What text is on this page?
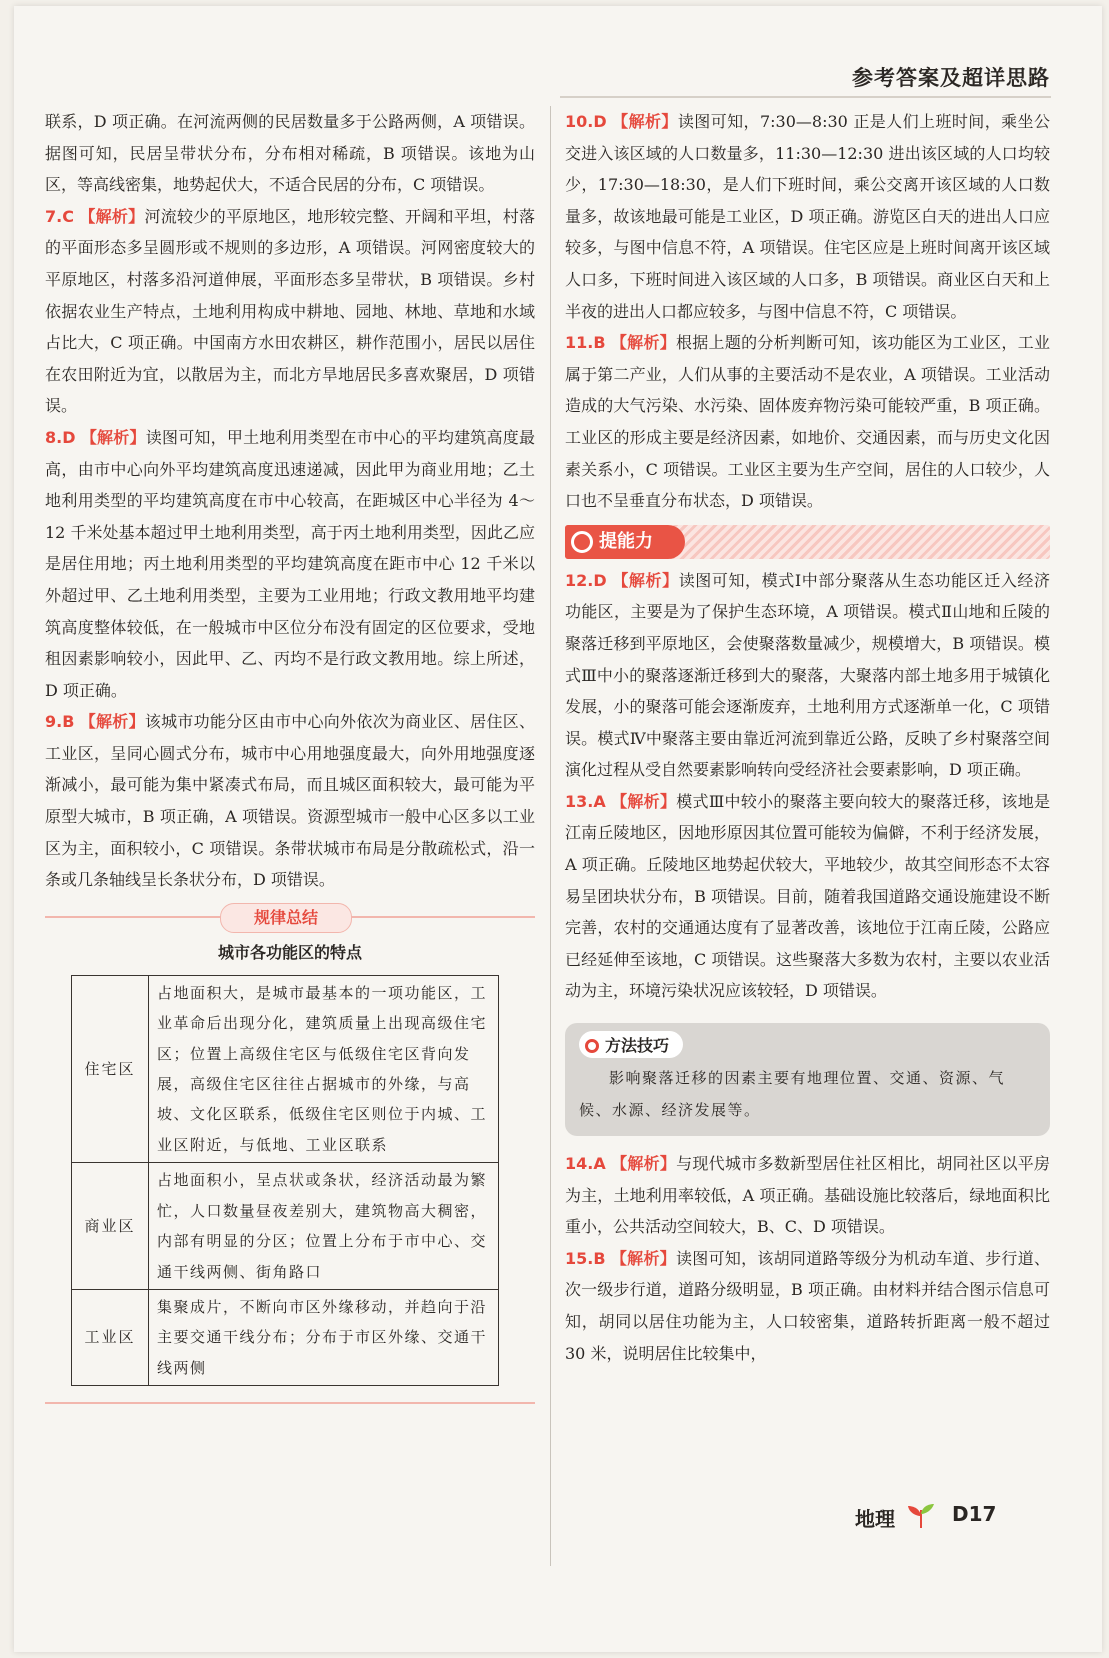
参考答案及超详思路

联系，D 项正确。在河流两侧的民居数量多于公路两侧，A 项错误。据图可知，民居呈带状分布，分布相对稀疏，B 项错误。该地为山区，等高线密集，地势起伏大，不适合民居的分布，C 项错误。

7.C 【解析】河流较少的平原地区，地形较完整、开阔和平坦，村落的平面形态多呈圆形或不规则的多边形，A 项错误。河网密度较大的平原地区，村落多沿河道伸展，平面形态多呈带状，B 项错误。乡村依据农业生产特点，土地利用构成中耕地、园地、林地、草地和水域占比大，C 项正确。中国南方水田农耕区，耕作范围小，居民以居住在农田附近为宜，以散居为主，而北方旱地居民多喜欢聚居，D 项错误。

8.D 【解析】读图可知，甲土地利用类型在市中心的平均建筑高度最高，由市中心向外平均建筑高度迅速递减，因此甲为商业用地；乙土地利用类型的平均建筑高度在市中心较高，在距城区中心半径为 4～12 千米处基本超过甲土地利用类型，高于丙土地利用类型，因此乙应是居住用地；丙土地利用类型的平均建筑高度在距市中心 12 千米以外超过甲、乙土地利用类型，主要为工业用地；行政文教用地平均建筑高度整体较低，在一般城市中区位分布没有固定的区位要求，受地租因素影响较小，因此甲、乙、丙均不是行政文教用地。综上所述，D 项正确。

9.B 【解析】该城市功能分区由市中心向外依次为商业区、居住区、工业区，呈同心圆式分布，城市中心用地强度最大，向外用地强度逐渐减小，最可能为集中紧凑式布局，而且城区面积较大，最可能为平原型大城市，B 项正确，A 项错误。资源型城市一般中心区多以工业区为主，面积较小，C 项错误。条带状城市布局是分散疏松式，沿一条或几条轴线呈长条状分布，D 项错误。

规律总结

城市各功能区的特点

住宅区	占地面积大，是城市最基本的一项功能区，工业革命后出现分化，建筑质量上出现高级住宅区；位置上高级住宅区与低级住宅区背向发展，高级住宅区往往占据城市的外缘，与高坡、文化区联系，低级住宅区则位于内城、工业区附近，与低地、工业区联系
商业区	占地面积小，呈点状或条状，经济活动最为繁忙，人口数量昼夜差别大，建筑物高大稠密，内部有明显的分区；位置上分布于市中心、交通干线两侧、街角路口
工业区	集聚成片，不断向市区外缘移动，并趋向于沿主要交通干线分布；分布于市区外缘、交通干线两侧

10.D 【解析】读图可知，7:30—8:30 正是人们上班时间，乘坐公交进入该区域的人口数量多，11:30—12:30 进出该区域的人口均较少，17:30—18:30，是人们下班时间，乘公交离开该区域的人口数量多，故该地最可能是工业区，D 项正确。游览区白天的进出人口应较多，与图中信息不符，A 项错误。住宅区应是上班时间离开该区域人口多，下班时间进入该区域的人口多，B 项错误。商业区白天和上半夜的进出人口都应较多，与图中信息不符，C 项错误。

11.B 【解析】根据上题的分析判断可知，该功能区为工业区，工业属于第二产业，人们从事的主要活动不是农业，A 项错误。工业活动造成的大气污染、水污染、固体废弃物污染可能较严重，B 项正确。工业区的形成主要是经济因素，如地价、交通因素，而与历史文化因素关系小，C 项错误。工业区主要为生产空间，居住的人口较少，人口也不呈垂直分布状态，D 项错误。

提能力

12.D 【解析】读图可知，模式Ⅰ中部分聚落从生态功能区迁入经济功能区，主要是为了保护生态环境，A 项错误。模式Ⅱ山地和丘陵的聚落迁移到平原地区，会使聚落数量减少，规模增大，B 项错误。模式Ⅲ中小的聚落逐渐迁移到大的聚落，大聚落内部土地多用于城镇化发展，小的聚落可能会逐渐废弃，土地利用方式逐渐单一化，C 项错误。模式Ⅳ中聚落主要由靠近河流到靠近公路，反映了乡村聚落空间演化过程从受自然要素影响转向受经济社会要素影响，D 项正确。

13.A 【解析】模式Ⅲ中较小的聚落主要向较大的聚落迁移，该地是江南丘陵地区，因地形原因其位置可能较为偏僻，不利于经济发展，A 项正确。丘陵地区地势起伏较大，平地较少，故其空间形态不太容易呈团块状分布，B 项错误。目前，随着我国道路交通设施建设不断完善，农村的交通通达度有了显著改善，该地位于江南丘陵，公路应已经延伸至该地，C 项错误。这些聚落大多数为农村，主要以农业活动为主，环境污染状况应该较轻，D 项错误。

方法技巧
影响聚落迁移的因素主要有地理位置、交通、资源、气候、水源、经济发展等。

14.A 【解析】与现代城市多数新型居住社区相比，胡同社区以平房为主，土地利用率较低，A 项正确。基础设施比较落后，绿地面积比重小，公共活动空间较大，B、C、D 项错误。

15.B 【解析】读图可知，该胡同道路等级分为机动车道、步行道、次一级步行道，道路分级明显，B 项正确。由材料并结合图示信息可知，胡同以居住功能为主，人口较密集，道路转折距离一般不超过 30 米，说明居住比较集中，

地理	D17
